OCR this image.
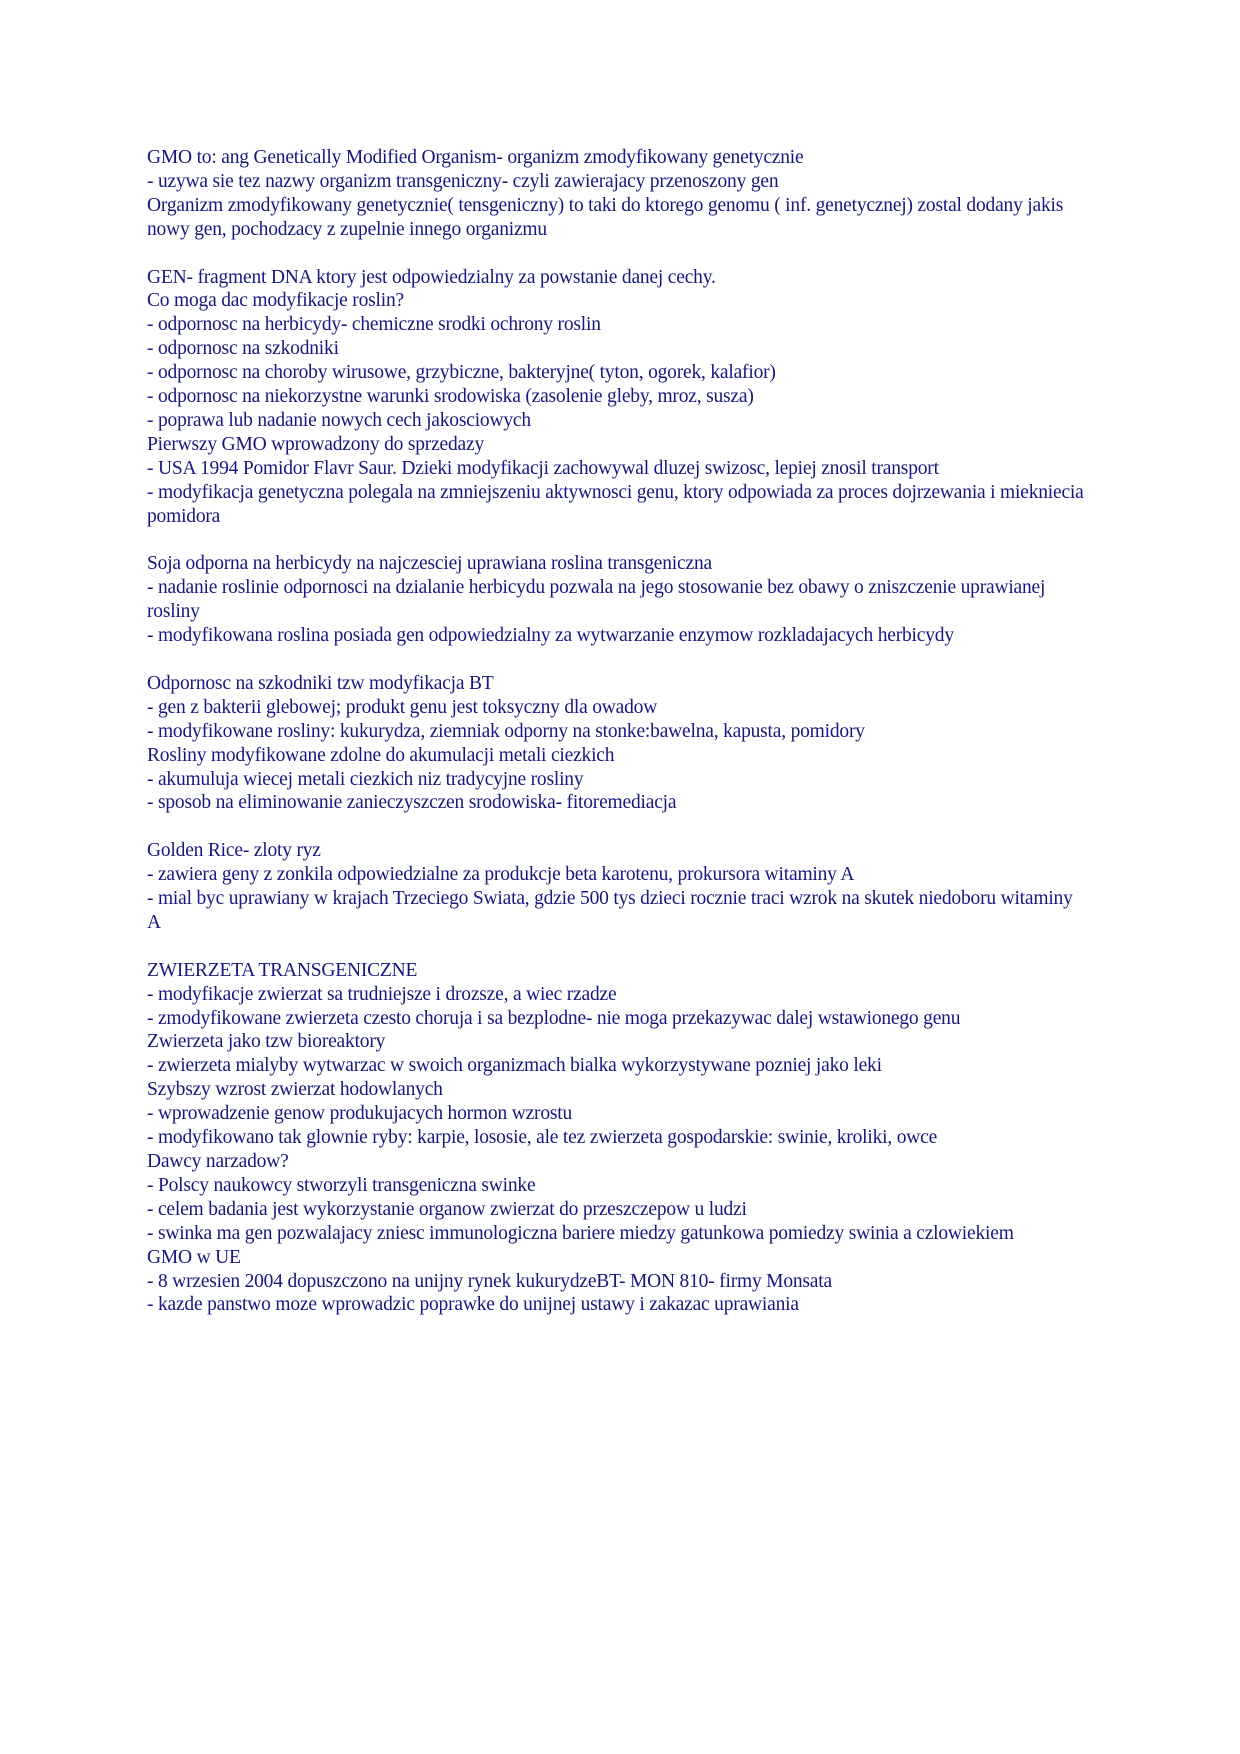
GMO to: ang Genetically Modified Organism- organizm zmodyfikowany genetycznie
- uzywa sie tez nazwy organizm transgeniczny- czyli zawierajacy przenoszony gen
Organizm zmodyfikowany genetycznie( tensgeniczny) to taki do ktorego genomu ( inf. genetycznej) zostal dodany jakis nowy gen, pochodzacy z zupelnie innego organizmu
GEN- fragment DNA ktory jest odpowiedzialny za powstanie danej cechy.
Co moga dac modyfikacje roslin?
- odpornosc na herbicydy- chemiczne srodki ochrony roslin
- odpornosc na szkodniki
- odpornosc na choroby wirusowe, grzybiczne, bakteryjne( tyton, ogorek, kalafior)
- odpornosc na niekorzystne warunki srodowiska (zasolenie gleby, mroz, susza)
- poprawa lub nadanie nowych cech jakosciowych
Pierwszy GMO wprowadzony do sprzedazy
- USA 1994 Pomidor Flavr Saur. Dzieki modyfikacji zachowywal dluzej swizosc, lepiej znosil transport
- modyfikacja genetyczna polegala na zmniejszeniu aktywnosci genu, ktory odpowiada za proces dojrzewania i miekniecia pomidora
Soja odporna na herbicydy na najczesciej uprawiana roslina transgeniczna
- nadanie roslinie odpornosci na dzialanie herbicydu pozwala na jego stosowanie bez obawy o zniszczenie uprawianej rosliny
- modyfikowana roslina posiada gen odpowiedzialny za wytwarzanie enzymow rozkladajacych herbicydy
Odpornosc na szkodniki tzw modyfikacja BT
- gen z bakterii glebowej; produkt genu jest toksyczny dla owadow
- modyfikowane rosliny: kukurydza, ziemniak odporny na stonke:bawelna, kapusta, pomidory
Rosliny modyfikowane zdolne do akumulacji metali ciezkich
- akumuluja wiecej metali ciezkich niz tradycyjne rosliny
- sposob na eliminowanie zanieczyszczen srodowiska- fitoremediacja
Golden Rice- zloty ryz
- zawiera geny z zonkila odpowiedzialne za produkcje beta karotenu, prokursora witaminy A
- mial byc uprawiany w krajach Trzeciego Swiata, gdzie 500 tys dzieci rocznie traci wzrok na skutek niedoboru witaminy A
ZWIERZETA TRANSGENICZNE
- modyfikacje zwierzat sa trudniejsze i drozsze, a wiec rzadze
- zmodyfikowane zwierzeta czesto choruja i sa bezplodne- nie moga przekazywac dalej wstawionego genu
Zwierzeta jako tzw bioreaktory
- zwierzeta mialyby wytwarzac w swoich organizmach bialka wykorzystywane pozniej jako leki
Szybszy wzrost zwierzat hodowlanych
- wprowadzenie genow produkujacych hormon wzrostu
- modyfikowano tak glownie ryby: karpie, lososie, ale tez zwierzeta gospodarskie: swinie, kroliki, owce
Dawcy narzadow?
- Polscy naukowcy stworzyli transgeniczna swinke
- celem badania jest wykorzystanie organow zwierzat do przeszczepow u ludzi
- swinka ma gen pozwalajacy zniesc immunologiczna bariere miedzy gatunkowa pomiedzy swinia a czlowiekiem
GMO w UE
- 8 wrzesien 2004 dopuszczono na unijny rynek kukurydzeBT- MON 810- firmy Monsata
- kazde panstwo moze wprowadzic poprawke do unijnej ustawy i zakazac uprawiania
